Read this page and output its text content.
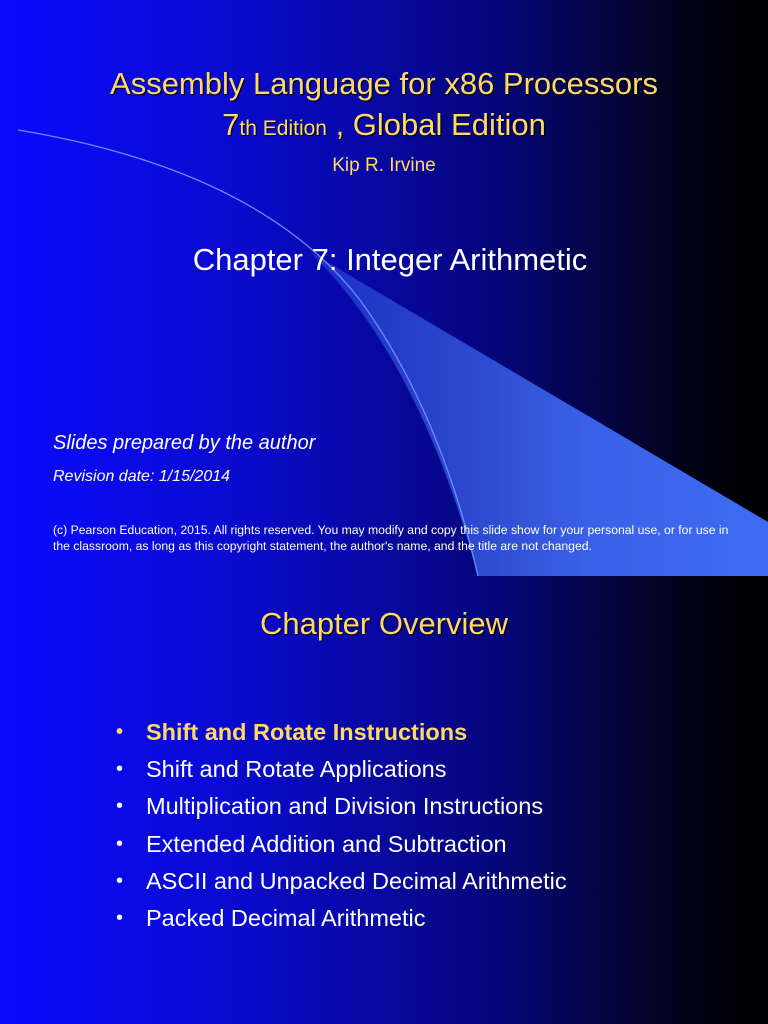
Assembly Language for x86 Processors

7th Edition , Global Edition

Kip R. Irvine

Chapter 7: Integer Arithmetic

Slides prepared by the author

Revision date: 1/15/2014

(c) Pearson Education, 2015. All rights reserved. You may modify and copy this slide show for your personal use, or for use in the classroom, as long as this copyright statement, the author's name, and the title are not changed.

Chapter Overview

• Shift and Rotate Instructions
• Shift and Rotate Applications
• Multiplication and Division Instructions
• Extended Addition and Subtraction
• ASCII and Unpacked Decimal Arithmetic
• Packed Decimal Arithmetic
